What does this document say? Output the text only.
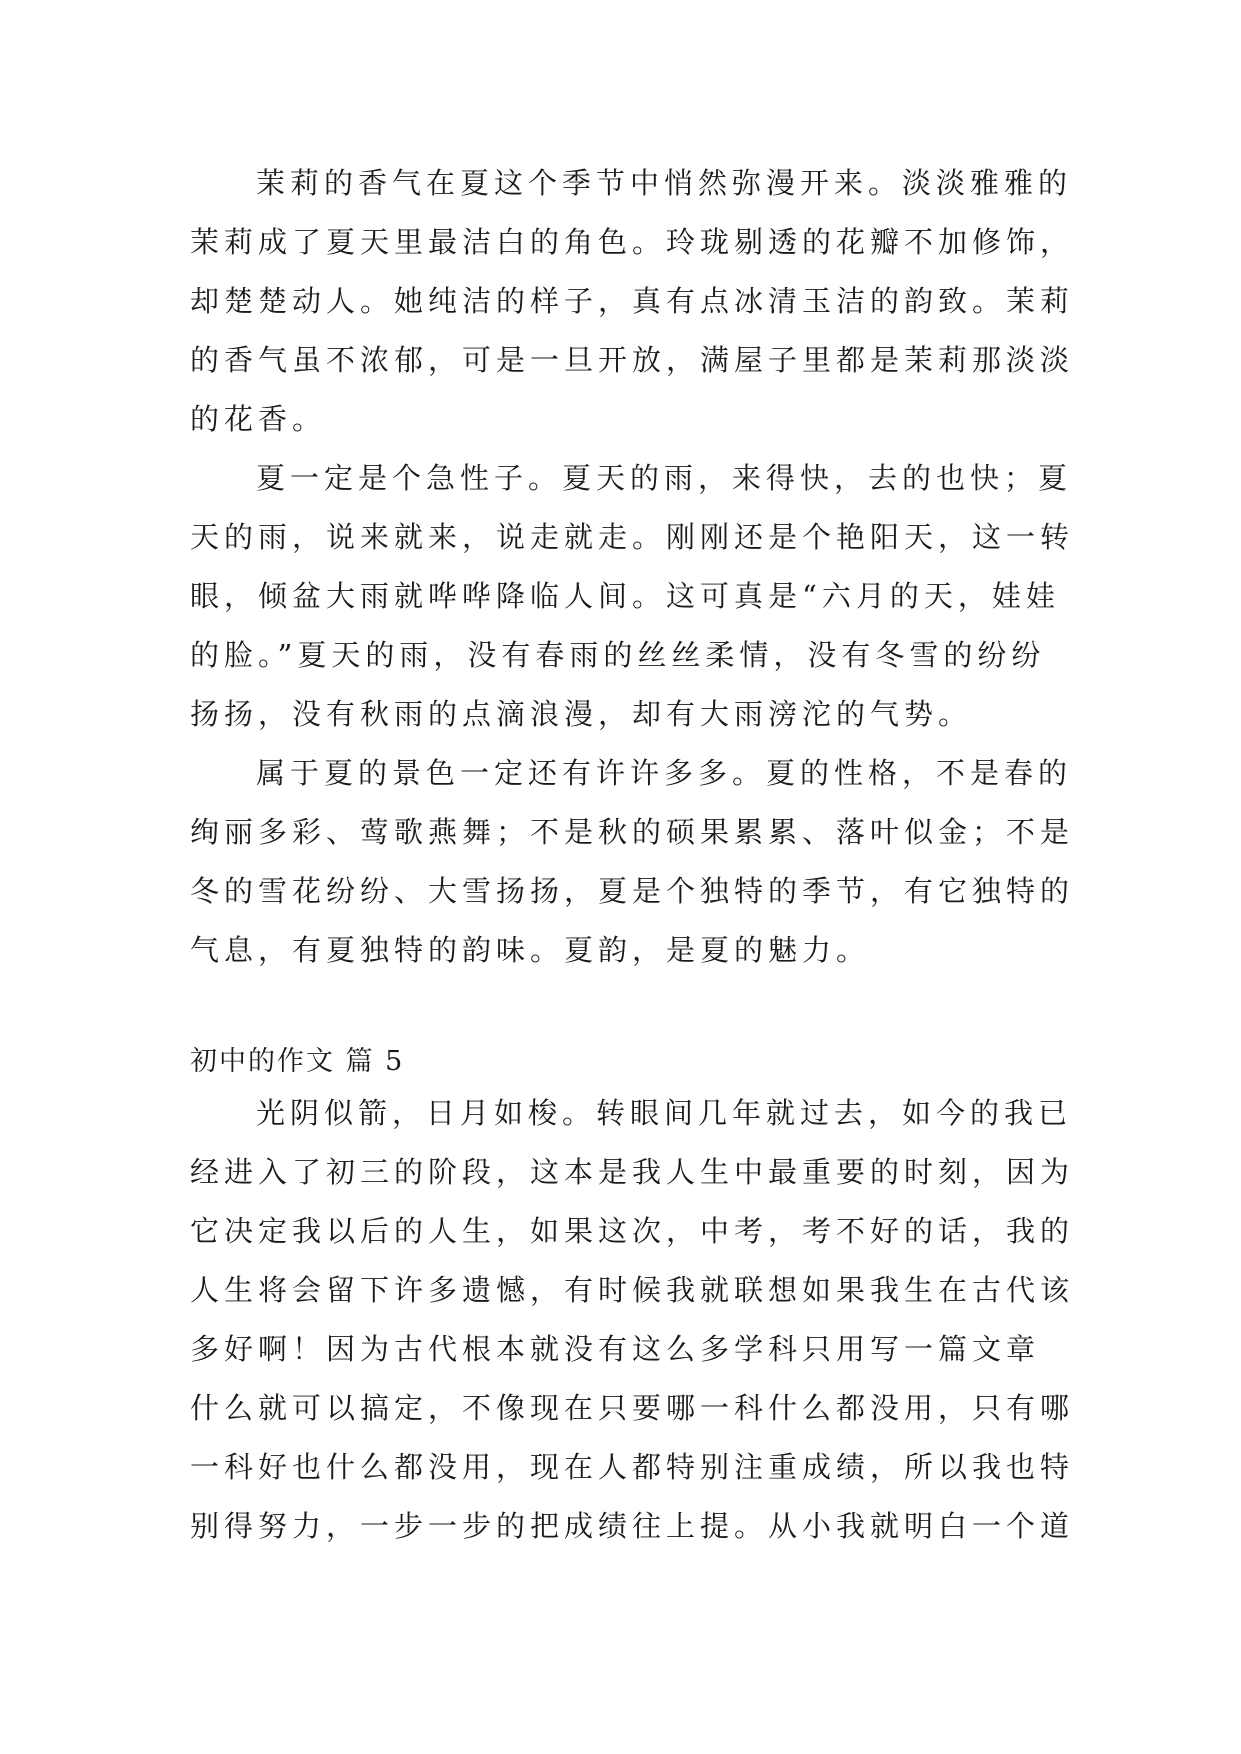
茉莉的香气在夏这个季节中悄然弥漫开来。淡淡雅雅的
茉莉成了夏天里最洁白的角色。玲珑剔透的花瓣不加修饰，
却楚楚动人。她纯洁的样子，真有点冰清玉洁的韵致。茉莉
的香气虽不浓郁，可是一旦开放，满屋子里都是茉莉那淡淡
的花香。
夏一定是个急性子。夏天的雨，来得快，去的也快；夏
天的雨，说来就来，说走就走。刚刚还是个艳阳天，这一转
眼，倾盆大雨就哗哗降临人间。这可真是“六月的天，娃娃
的脸。”夏天的雨，没有春雨的丝丝柔情，没有冬雪的纷纷
扬扬，没有秋雨的点滴浪漫，却有大雨滂沱的气势。
属于夏的景色一定还有许许多多。夏的性格，不是春的
绚丽多彩、莺歌燕舞；不是秋的硕果累累、落叶似金；不是
冬的雪花纷纷、大雪扬扬，夏是个独特的季节，有它独特的
气息，有夏独特的韵味。夏韵，是夏的魅力。
初中的作文 篇 5
光阴似箭，日月如梭。转眼间几年就过去，如今的我已
经进入了初三的阶段，这本是我人生中最重要的时刻，因为
它决定我以后的人生，如果这次，中考，考不好的话，我的
人生将会留下许多遗憾，有时候我就联想如果我生在古代该
多好啊！因为古代根本就没有这么多学科只用写一篇文章
什么就可以搞定，不像现在只要哪一科什么都没用，只有哪
一科好也什么都没用，现在人都特别注重成绩，所以我也特
别得努力，一步一步的把成绩往上提。从小我就明白一个道
